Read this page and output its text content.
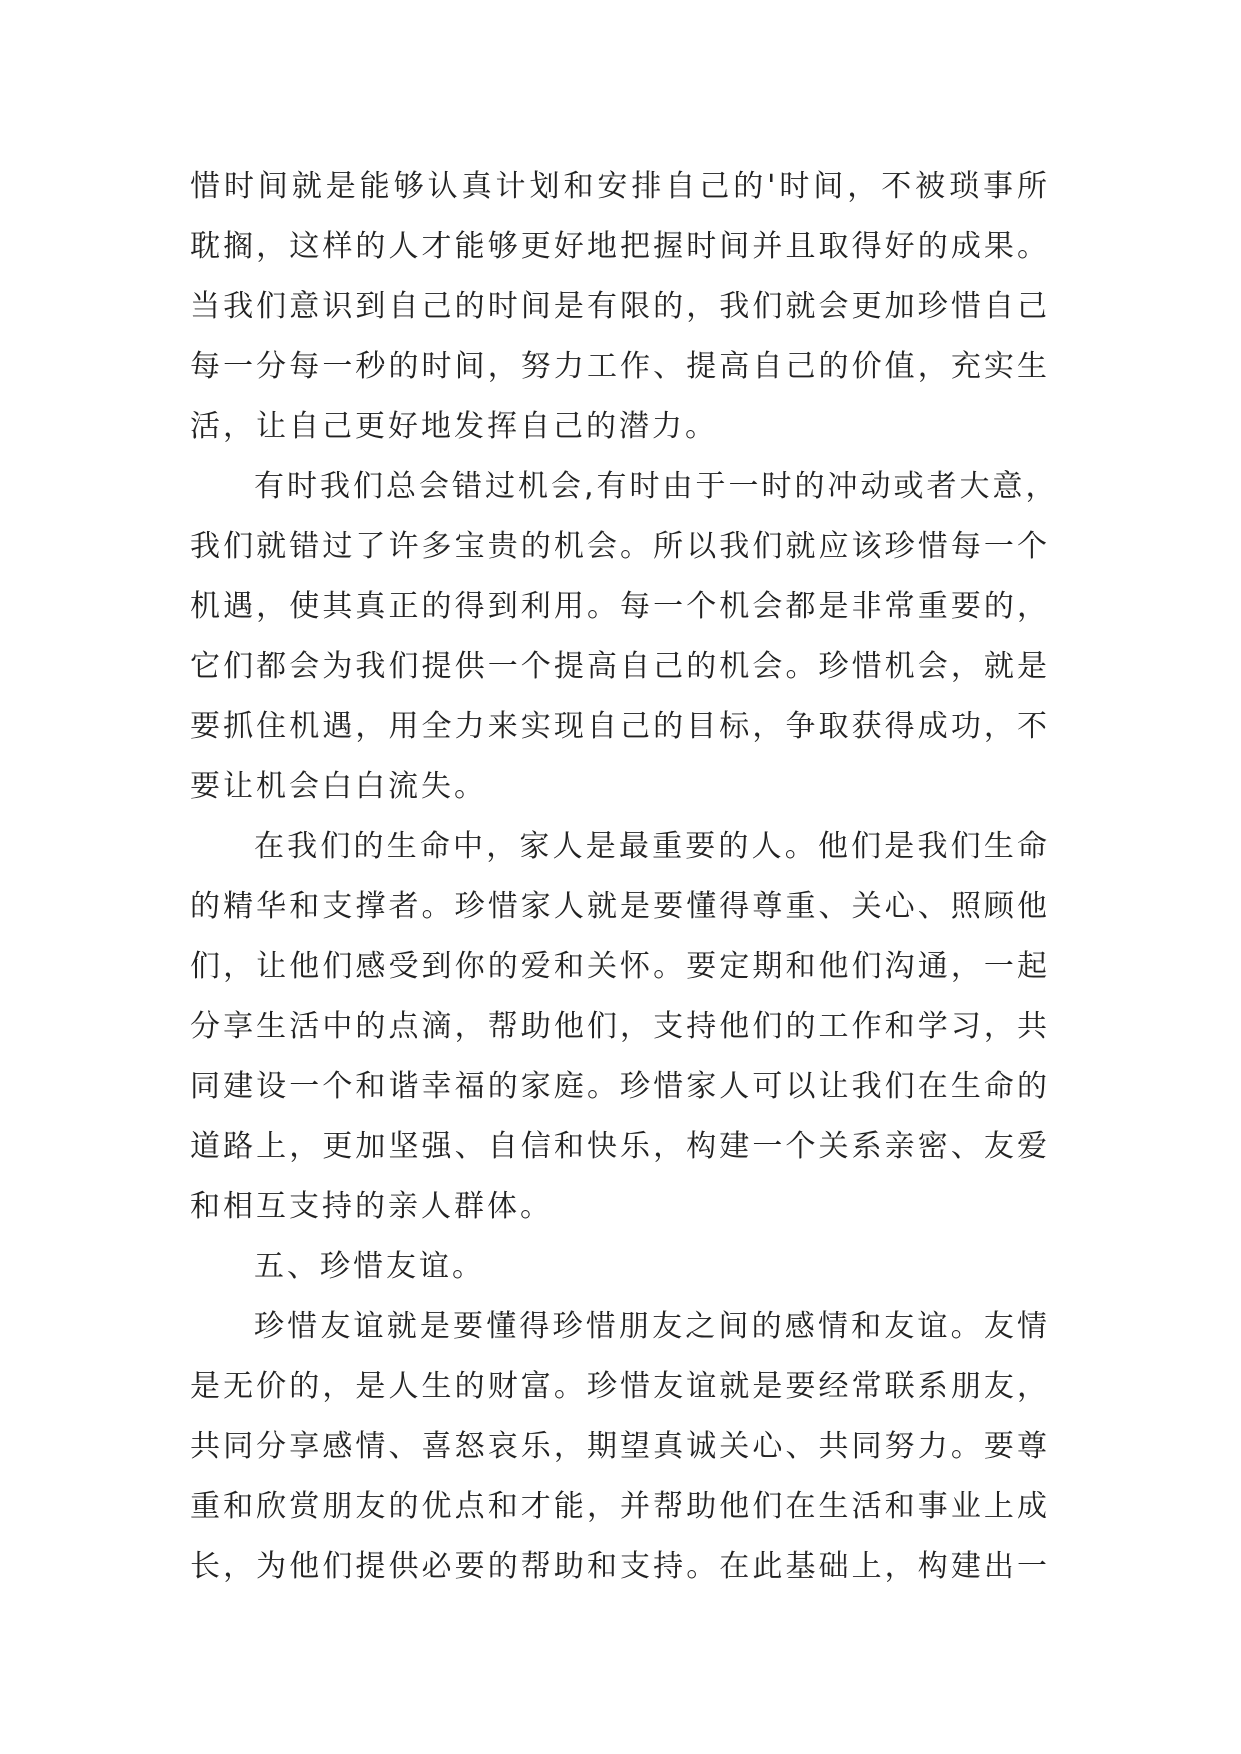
惜时间就是能够认真计划和安排自己的'时间，不被琐事所
耽搁，这样的人才能够更好地把握时间并且取得好的成果。
当我们意识到自己的时间是有限的，我们就会更加珍惜自己
每一分每一秒的时间，努力工作、提高自己的价值，充实生
活，让自己更好地发挥自己的潜力。
有时我们总会错过机会,有时由于一时的冲动或者大意，
我们就错过了许多宝贵的机会。所以我们就应该珍惜每一个
机遇，使其真正的得到利用。每一个机会都是非常重要的，
它们都会为我们提供一个提高自己的机会。珍惜机会，就是
要抓住机遇，用全力来实现自己的目标，争取获得成功，不
要让机会白白流失。
在我们的生命中，家人是最重要的人。他们是我们生命
的精华和支撑者。珍惜家人就是要懂得尊重、关心、照顾他
们，让他们感受到你的爱和关怀。要定期和他们沟通，一起
分享生活中的点滴，帮助他们，支持他们的工作和学习，共
同建设一个和谐幸福的家庭。珍惜家人可以让我们在生命的
道路上，更加坚强、自信和快乐，构建一个关系亲密、友爱
和相互支持的亲人群体。
五、珍惜友谊。
珍惜友谊就是要懂得珍惜朋友之间的感情和友谊。友情
是无价的，是人生的财富。珍惜友谊就是要经常联系朋友，
共同分享感情、喜怒哀乐，期望真诚关心、共同努力。要尊
重和欣赏朋友的优点和才能，并帮助他们在生活和事业上成
长，为他们提供必要的帮助和支持。在此基础上，构建出一
